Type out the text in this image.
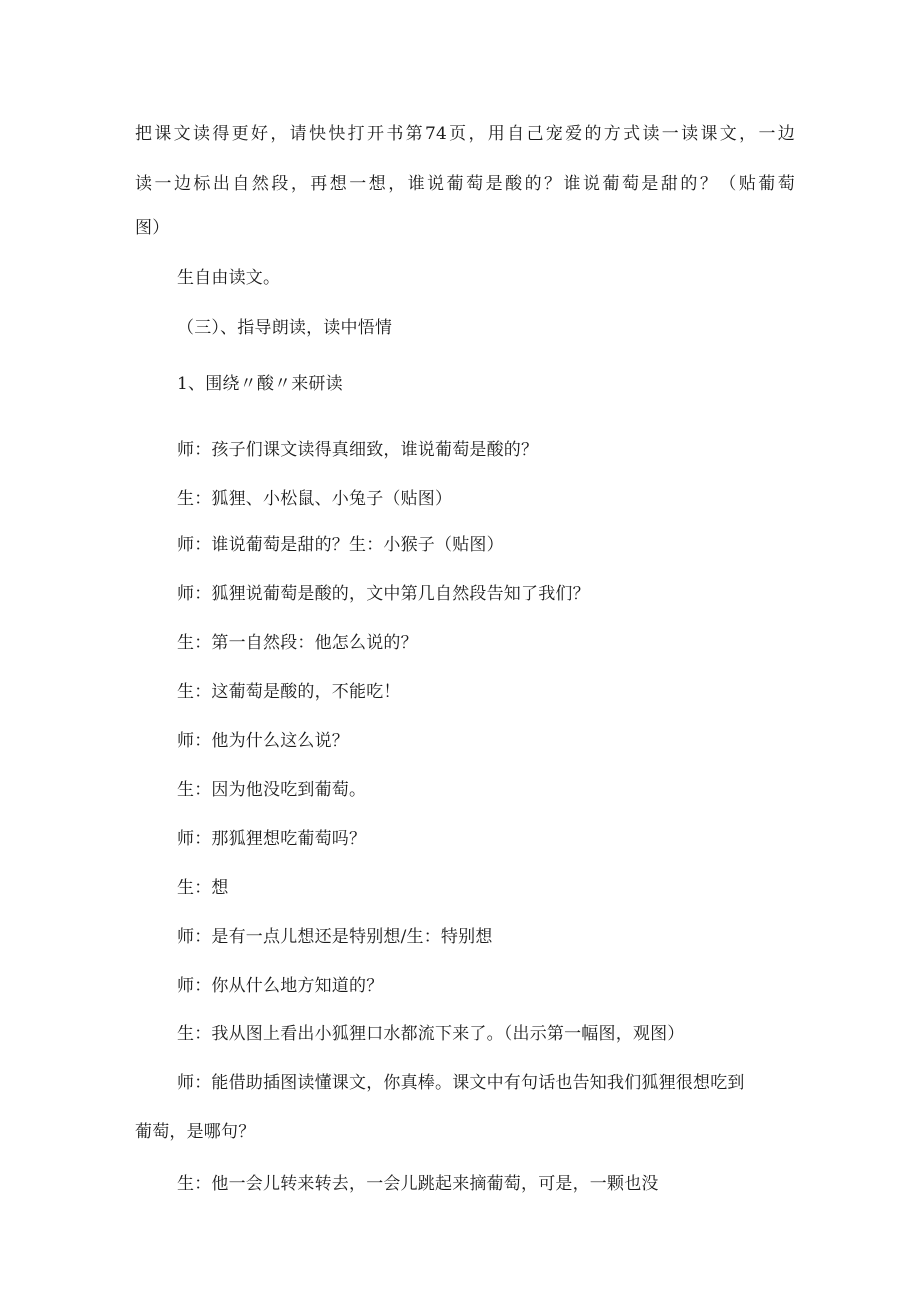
把课文读得更好，请快快打开书第74页，用自己宠爱的方式读一读课文，一边
读一边标出自然段，再想一想，谁说葡萄是酸的？谁说葡萄是甜的？（贴葡萄
图）
生自由读文。
（三）、指导朗读，读中悟情
1、围绕〃酸〃来研读
师：孩子们课文读得真细致，谁说葡萄是酸的？
生：狐狸、小松鼠、小兔子（贴图）
师：谁说葡萄是甜的？生：小猴子（贴图）
师：狐狸说葡萄是酸的，文中第几自然段告知了我们？
生：第一自然段：他怎么说的？
生：这葡萄是酸的，不能吃！
师：他为什么这么说？
生：因为他没吃到葡萄。
师：那狐狸想吃葡萄吗？
生：想
师：是有一点儿想还是特别想/生：特别想
师：你从什么地方知道的？
生：我从图上看出小狐狸口水都流下来了。（出示第一幅图，观图）
师：能借助插图读懂课文，你真棒。课文中有句话也告知我们狐狸很想吃到
葡萄，是哪句？
生：他一会儿转来转去，一会儿跳起来摘葡萄，可是，一颗也没
